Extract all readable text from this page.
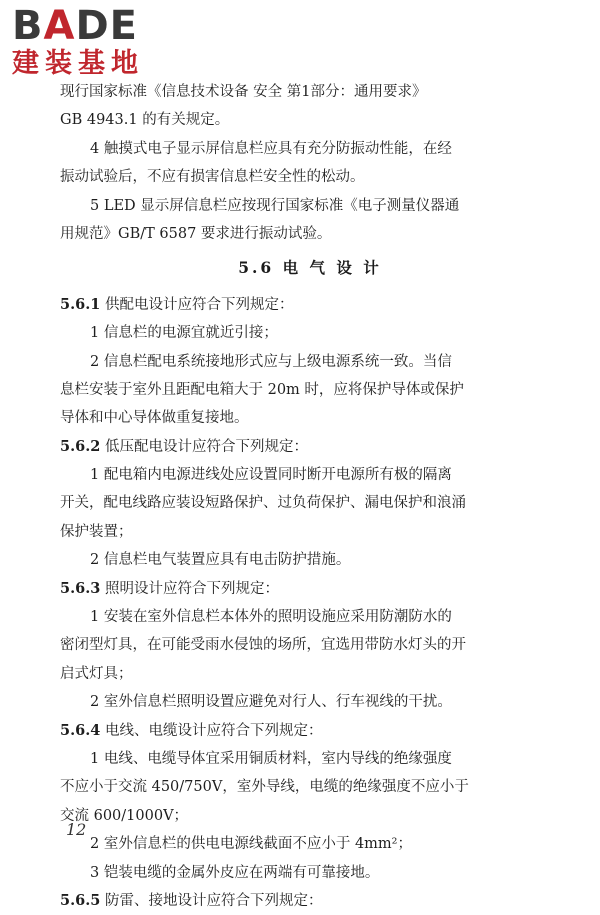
BADE
建装基地
现行国家标准《信息技术设备 安全 第1部分：通用要求》
GB 4943.1 的有关规定。
4 触摸式电子显示屏信息栏应具有充分防振动性能，在经
振动试验后，不应有损害信息栏安全性的松动。
5 LED 显示屏信息栏应按现行国家标准《电子测量仪器通
用规范》GB/T 6587 要求进行振动试验。
5.6 电 气 设 计
5.6.1 供配电设计应符合下列规定：
1 信息栏的电源宜就近引接；
2 信息栏配电系统接地形式应与上级电源系统一致。当信
息栏安装于室外且距配电箱大于 20m 时，应将保护导体或保护
导体和中心导体做重复接地。
5.6.2 低压配电设计应符合下列规定：
1 配电箱内电源进线处应设置同时断开电源所有极的隔离
开关，配电线路应装设短路保护、过负荷保护、漏电保护和浪涌
保护装置；
2 信息栏电气装置应具有电击防护措施。
5.6.3 照明设计应符合下列规定：
1 安装在室外信息栏本体外的照明设施应采用防潮防水的
密闭型灯具，在可能受雨水侵蚀的场所，宜选用带防水灯头的开
启式灯具；
2 室外信息栏照明设置应避免对行人、行车视线的干扰。
5.6.4 电线、电缆设计应符合下列规定：
1 电线、电缆导体宜采用铜质材料，室内导线的绝缘强度
不应小于交流 450/750V，室外导线，电缆的绝缘强度不应小于
交流 600/1000V；
2 室外信息栏的供电电源线截面不应小于 4mm²；
3 铠装电缆的金属外皮应在两端有可靠接地。
5.6.5 防雷、接地设计应符合下列规定：
12
